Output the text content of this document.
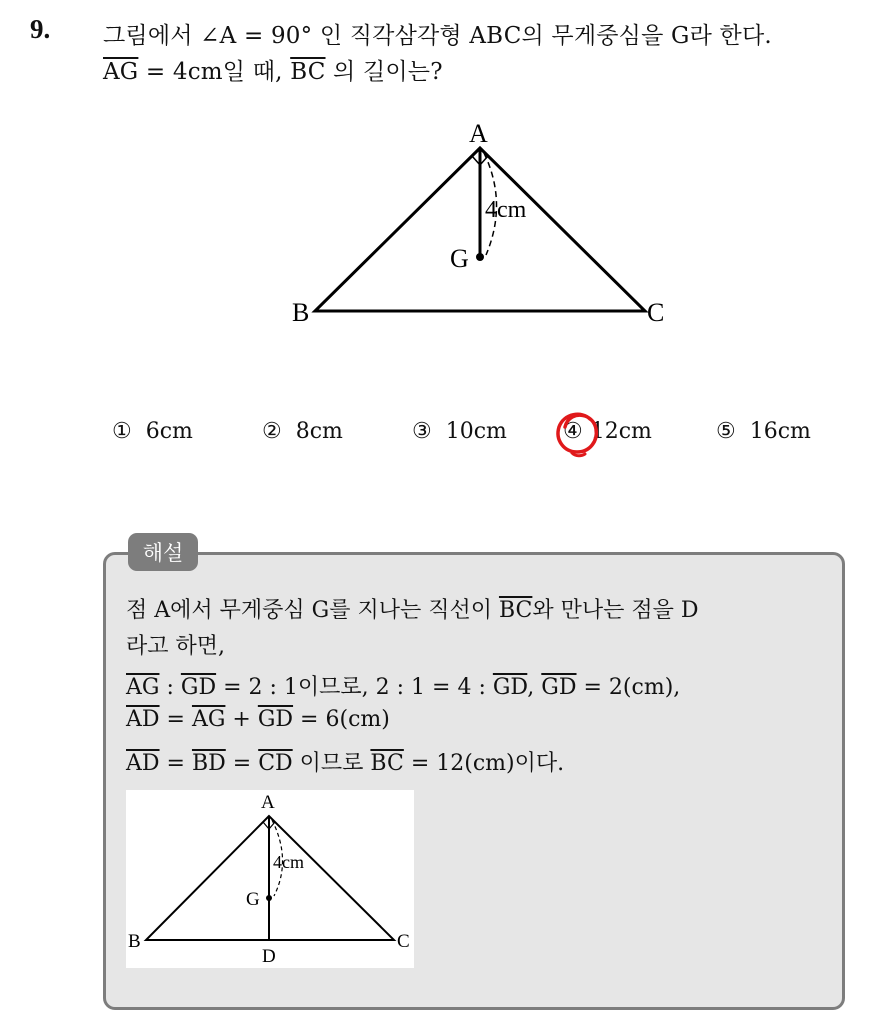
9. 그림에서 ∠A = 90° 인 직각삼각형 ABC의 무게중심을 G라 한다.
$\overline{AG} = 4cm$일 때, $\overline{BC}$ 의 길이는?
A
B	C
G
4cm
① 6cm	② 8cm	③ 10cm	④ 12cm	⑤ 16cm
해설
점 A에서 무게중심 G를 지나는 직선이 $\overline{BC}$와 만나는 점을 D
라고 하면,
$\overline{AG}$ : $\overline{GD} = 2$ : 1이므로, 2 : 1 = 4 : $\overline{GD}$, $\overline{GD} = 2(cm)$,
$\overline{AD} = \overline{AG} + \overline{GD} = 6(cm)$
$\overline{AD} = \overline{BD} = \overline{CD}$ 이므로 $\overline{BC} = 12(cm)$이다.
A
B	C
G
D
4cm
